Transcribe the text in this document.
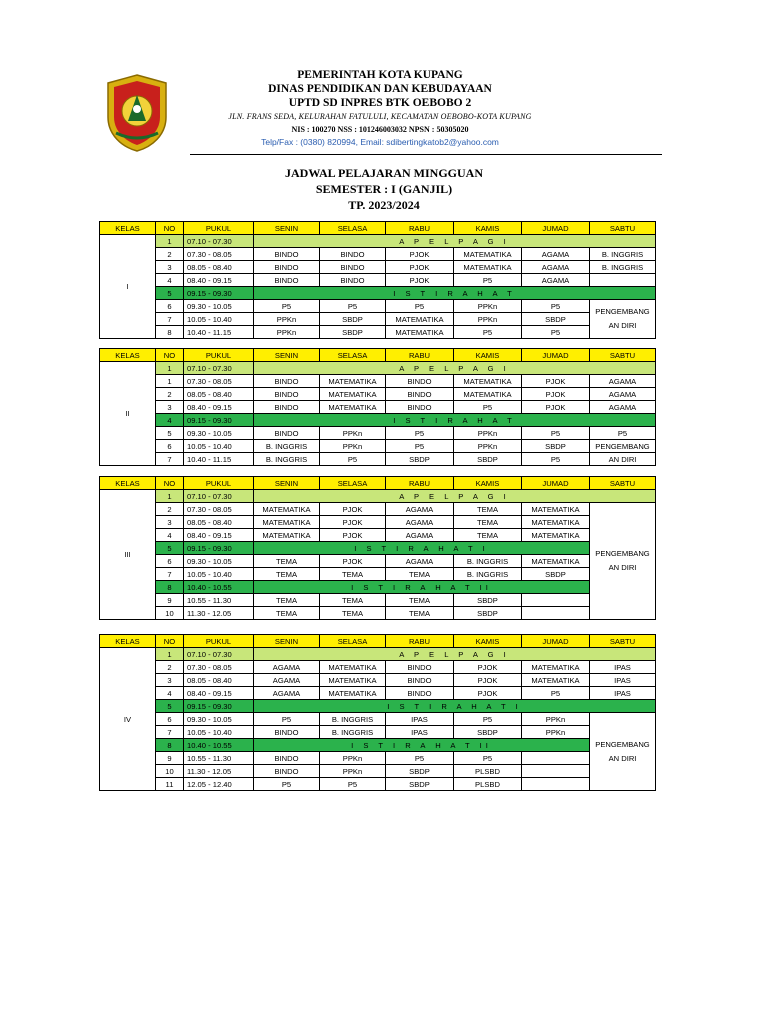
PEMERINTAH KOTA KUPANG
DINAS PENDIDIKAN DAN KEBUDAYAAN
UPTD SD INPRES BTK OEBOBO 2
JLN. FRANS SEDA, KELURAHAN FATULULI, KECAMATAN OEBOBO-KOTA KUPANG
NIS : 100270 NSS : 101246003032 NPSN : 50305020
Telp/Fax : (0380) 820994, Email: sdibertingkatob2@yahoo.com
JADWAL PELAJARAN MINGGUAN
SEMESTER : I (GANJIL)
TP. 2023/2024
KELAS	NO	PUKUL	SENIN	SELASA	RABU	KAMIS	JUMAD	SABTU
I	1	07.10 - 07.30	A P E L P A G I					
	2	07.30 - 08.05	BINDO	BINDO	PJOK	MATEMATIKA	AGAMA	B. INGGRIS
	3	08.05 - 08.40	BINDO	BINDO	PJOK	MATEMATIKA	AGAMA	B. INGGRIS
	4	08.40 - 09.15	BINDO	BINDO	PJOK	P5	AGAMA	
	5	09.15 - 09.30	I S T I R A H A T					
	6	09.30 - 10.05	P5	P5	P5	PPKn	P5	PENGEMBANG AN DIRI
	7	10.05 - 10.40	PPKn	SBDP	MATEMATIKA	PPKn	SBDP	
	8	10.40 - 11.15	PPKn	SBDP	MATEMATIKA	P5	P5	
KELAS	NO	PUKUL	SENIN	SELASA	RABU	KAMIS	JUMAD	SABTU
II	1	07.10 - 07.30	A P E L P A G I					
	1	07.30 - 08.05	BINDO	MATEMATIKA	BINDO	MATEMATIKA	PJOK	AGAMA
	2	08.05 - 08.40	BINDO	MATEMATIKA	BINDO	MATEMATIKA	PJOK	AGAMA
	3	08.40 - 09.15	BINDO	MATEMATIKA	BINDO	P5	PJOK	AGAMA
	4	09.15 - 09.30	I S T I R A H A T					
	5	09.30 - 10.05	BINDO	PPKn	P5	PPKn	P5	P5
	6	10.05 - 10.40	B. INGGRIS	PPKn	P5	PPKn	SBDP	PENGEMBANG
	7	10.40 - 11.15	B. INGGRIS	P5	SBDP	SBDP	P5	AN DIRI
KELAS	NO	PUKUL	SENIN	SELASA	RABU	KAMIS	JUMAD	SABTU
III	1	07.10 - 07.30	A P E L P A G I					
	2	07.30 - 08.05	MATEMATIKA	PJOK	AGAMA	TEMA	MATEMATIKA	PENGEMBANG AN DIRI
	3	08.05 - 08.40	MATEMATIKA	PJOK	AGAMA	TEMA	MATEMATIKA	
	4	08.40 - 09.15	MATEMATIKA	PJOK	AGAMA	TEMA	MATEMATIKA	
	5	09.15 - 09.30	I S T I R A H A T I					
	6	09.30 - 10.05	TEMA	PJOK	AGAMA	B. INGGRIS	MATEMATIKA	
	7	10.05 - 10.40	TEMA	TEMA	TEMA	B. INGGRIS	SBDP	
	8	10.40 - 10.55	I S T I R A H A T II					
	9	10.55 - 11.30	TEMA	TEMA	TEMA	SBDP		
	10	11.30 - 12.05	TEMA	TEMA	TEMA	SBDP		
KELAS	NO	PUKUL	SENIN	SELASA	RABU	KAMIS	JUMAD	SABTU
IV	1	07.10 - 07.30	A P E L P A G I					
	2	07.30 - 08.05	AGAMA	MATEMATIKA	BINDO	PJOK	MATEMATIKA	IPAS
	3	08.05 - 08.40	AGAMA	MATEMATIKA	BINDO	PJOK	MATEMATIKA	IPAS
	4	08.40 - 09.15	AGAMA	MATEMATIKA	BINDO	PJOK	P5	IPAS
	5	09.15 - 09.30	I S T I R A H A T I					
	6	09.30 - 10.05	P5	B. INGGRIS	IPAS	P5	PPKn	PENGEMBANG AN DIRI
	7	10.05 - 10.40	BINDO	B. INGGRIS	IPAS	SBDP	PPKn	
	8	10.40 - 10.55	I S T I R A H A T II					
	9	10.55 - 11.30	BINDO	PPKn	P5	P5		
	10	11.30 - 12.05	BINDO	PPKn	SBDP	PLSBD		
	11	12.05 - 12.40	P5	P5	SBDP	PLSBD		
